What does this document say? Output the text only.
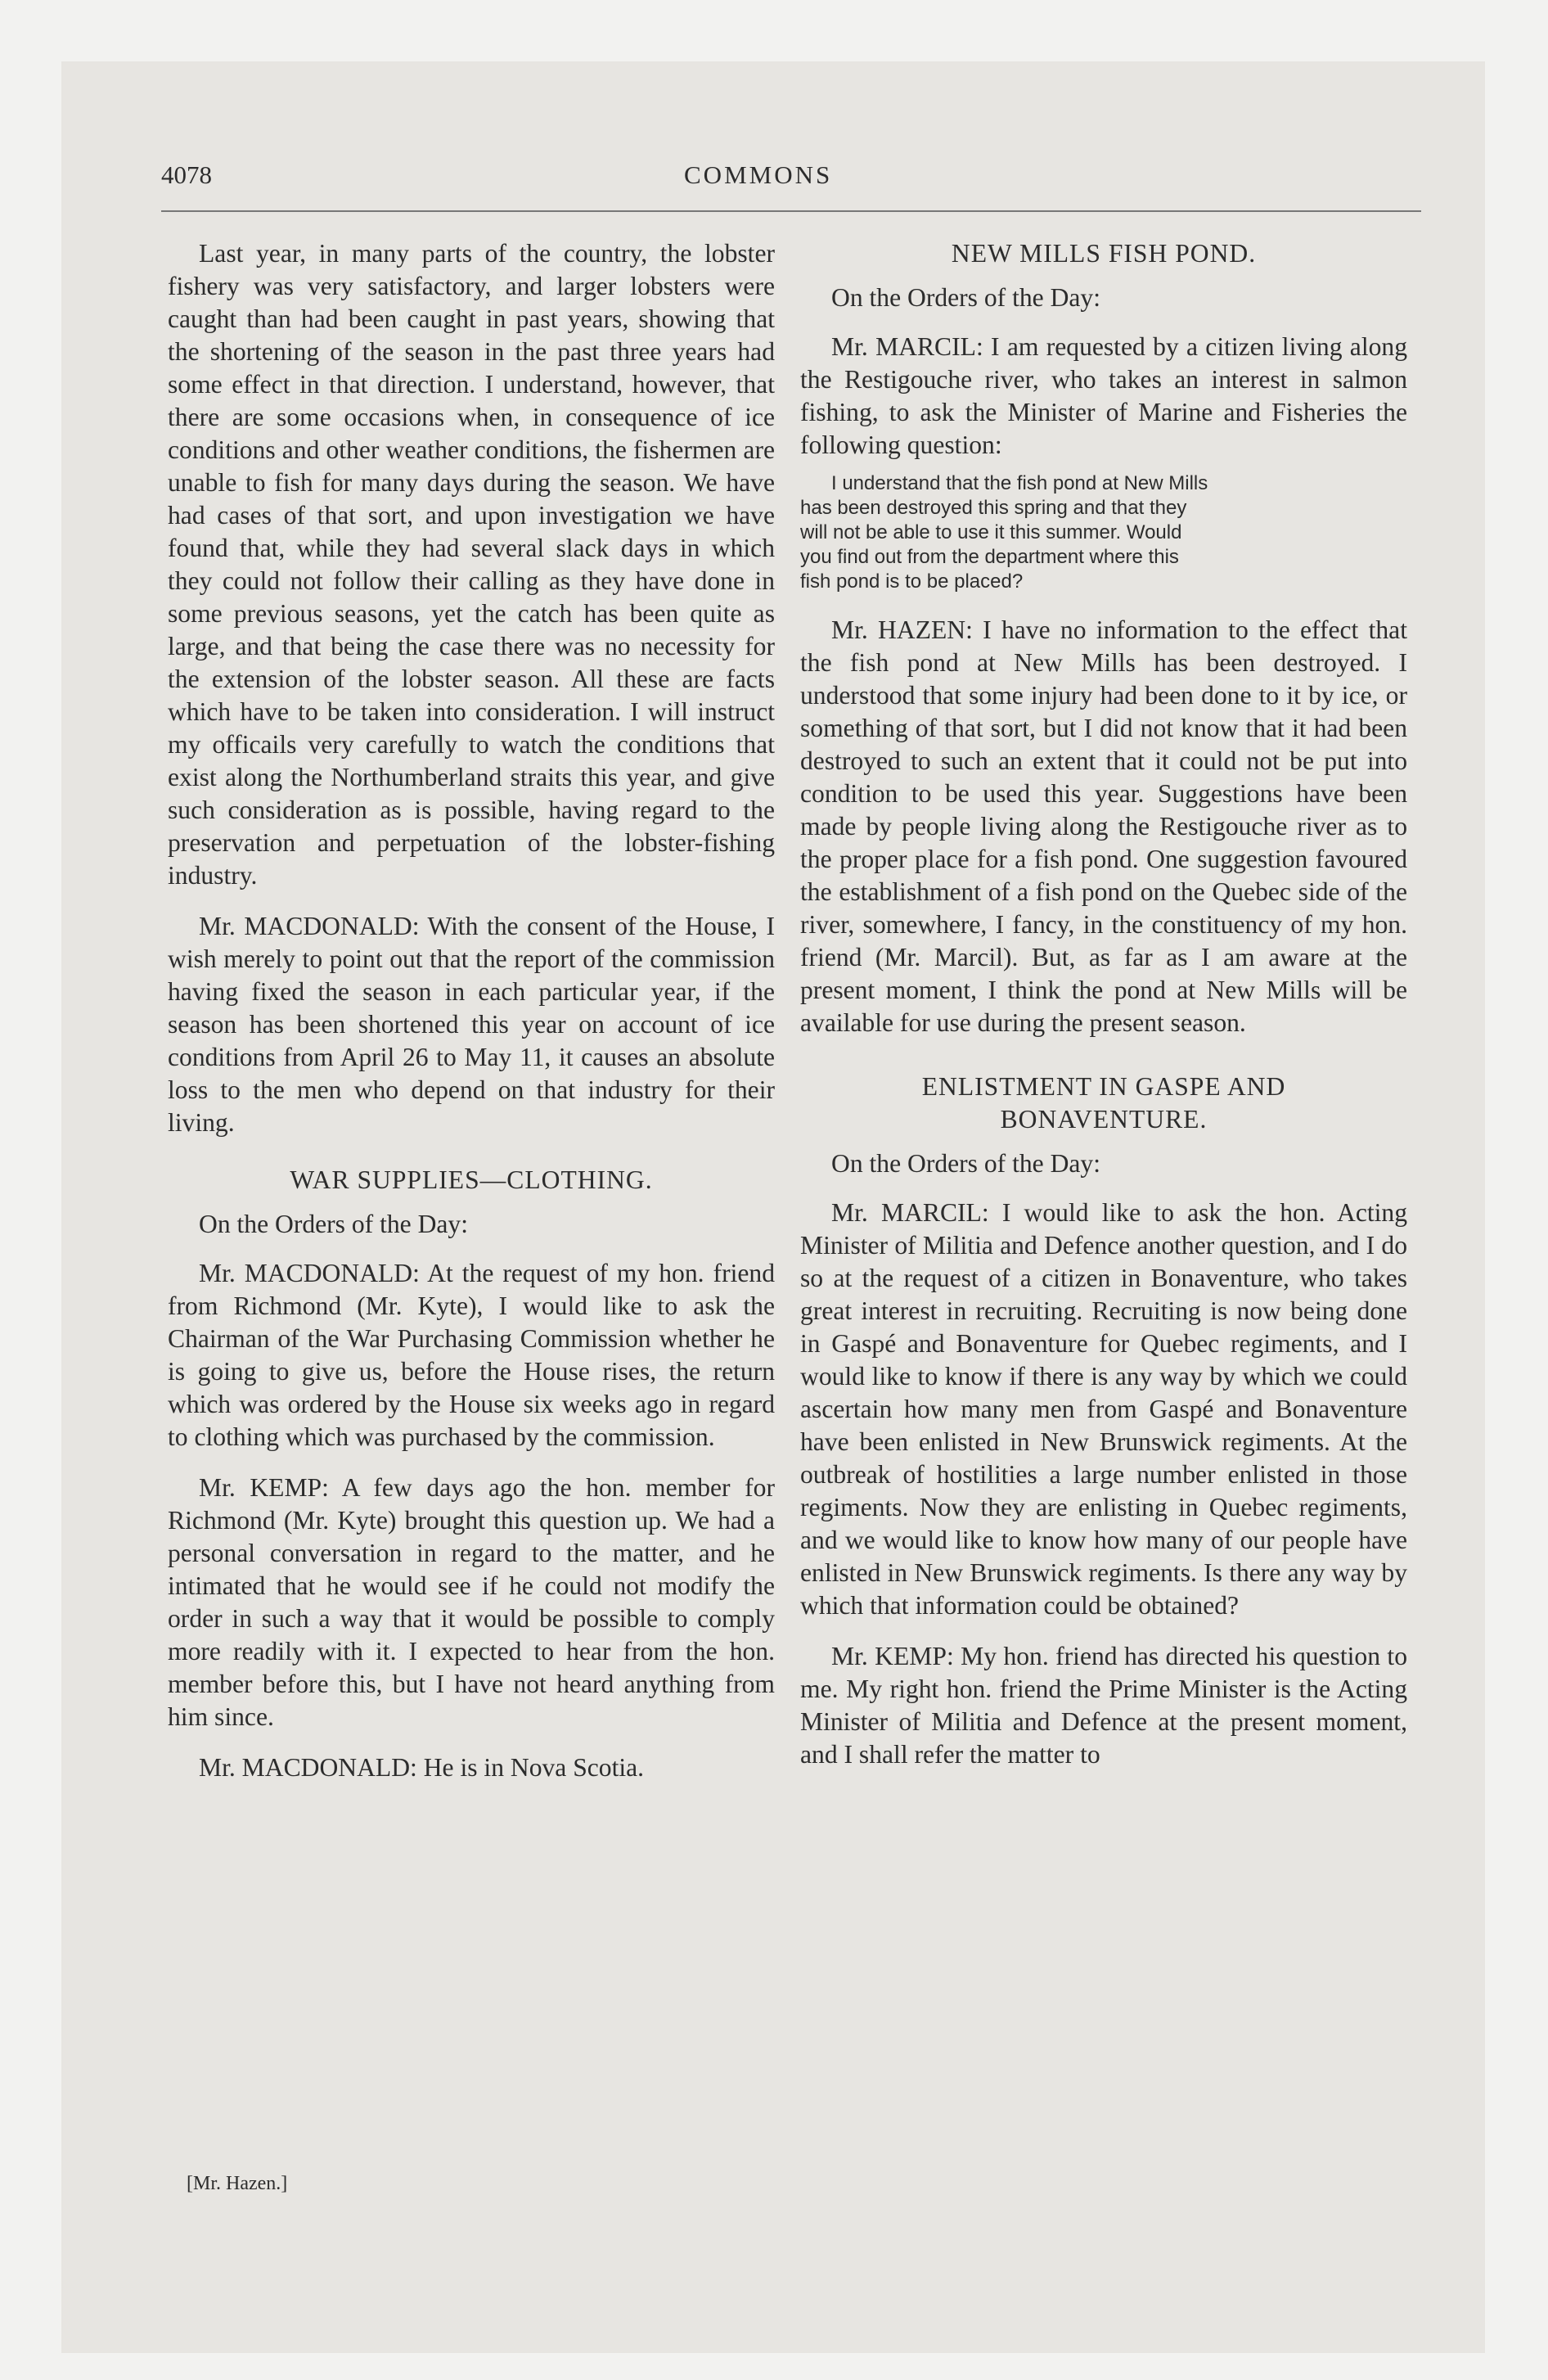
4078	COMMONS

Last year, in many parts of the country, the lobster fishery was very satisfactory, and larger lobsters were caught than had been caught in past years, showing that the shortening of the season in the past three years had some effect in that direction. I understand, however, that there are some occasions when, in consequence of ice conditions and other weather conditions, the fishermen are unable to fish for many days during the season. We have had cases of that sort, and upon investigation we have found that, while they had several slack days in which they could not follow their calling as they have done in some previous seasons, yet the catch has been quite as large, and that being the case there was no necessity for the extension of the lobster season. All these are facts which have to be taken into consideration. I will instruct my officails very carefully to watch the conditions that exist along the Northumberland straits this year, and give such consideration as is possible, having regard to the preservation and perpetuation of the lobster-fishing industry.

Mr. MACDONALD: With the consent of the House, I wish merely to point out that the report of the commission having fixed the season in each particular year, if the season has been shortened this year on account of ice conditions from April 26 to May 11, it causes an absolute loss to the men who depend on that industry for their living.

WAR SUPPLIES—CLOTHING.
On the Orders of the Day:

Mr. MACDONALD: At the request of my hon. friend from Richmond (Mr. Kyte), I would like to ask the Chairman of the War Purchasing Commission whether he is going to give us, before the House rises, the return which was ordered by the House six weeks ago in regard to clothing which was purchased by the commission.

Mr. KEMP: A few days ago the hon. member for Richmond (Mr. Kyte) brought this question up. We had a personal conversation in regard to the matter, and he intimated that he would see if he could not modify the order in such a way that it would be possible to comply more readily with it. I expected to hear from the hon. member before this, but I have not heard anything from him since.

Mr. MACDONALD: He is in Nova Scotia.

NEW MILLS FISH POND.
On the Orders of the Day:

Mr. MARCIL: I am requested by a citizen living along the Restigouche river, who takes an interest in salmon fishing, to ask the Minister of Marine and Fisheries the following question:

I understand that the fish pond at New Mills
has been destroyed this spring and that they
will not be able to use it this summer. Would
you find out from the department where this
fish pond is to be placed?

Mr. HAZEN: I have no information to the effect that the fish pond at New Mills has been destroyed. I understood that some injury had been done to it by ice, or something of that sort, but I did not know that it had been destroyed to such an extent that it could not be put into condition to be used this year. Suggestions have been made by people living along the Restigouche river as to the proper place for a fish pond. One suggestion favoured the establishment of a fish pond on the Quebec side of the river, somewhere, I fancy, in the constituency of my hon. friend (Mr. Marcil). But, as far as I am aware at the present moment, I think the pond at New Mills will be available for use during the present season.

ENLISTMENT IN GASPE AND
BONAVENTURE.
On the Orders of the Day:

Mr. MARCIL: I would like to ask the hon. Acting Minister of Militia and Defence another question, and I do so at the request of a citizen in Bonaventure, who takes great interest in recruiting. Recruiting is now being done in Gaspé and Bonaventure for Quebec regiments, and I would like to know if there is any way by which we could ascertain how many men from Gaspé and Bonaventure have been enlisted in New Brunswick regiments. At the outbreak of hostilities a large number enlisted in those regiments. Now they are enlisting in Quebec regiments, and we would like to know how many of our people have enlisted in New Brunswick regiments. Is there any way by which that information could be obtained?

Mr. KEMP: My hon. friend has directed his question to me. My right hon. friend the Prime Minister is the Acting Minister of Militia and Defence at the present moment, and I shall refer the matter to

[Mr. Hazen.]
